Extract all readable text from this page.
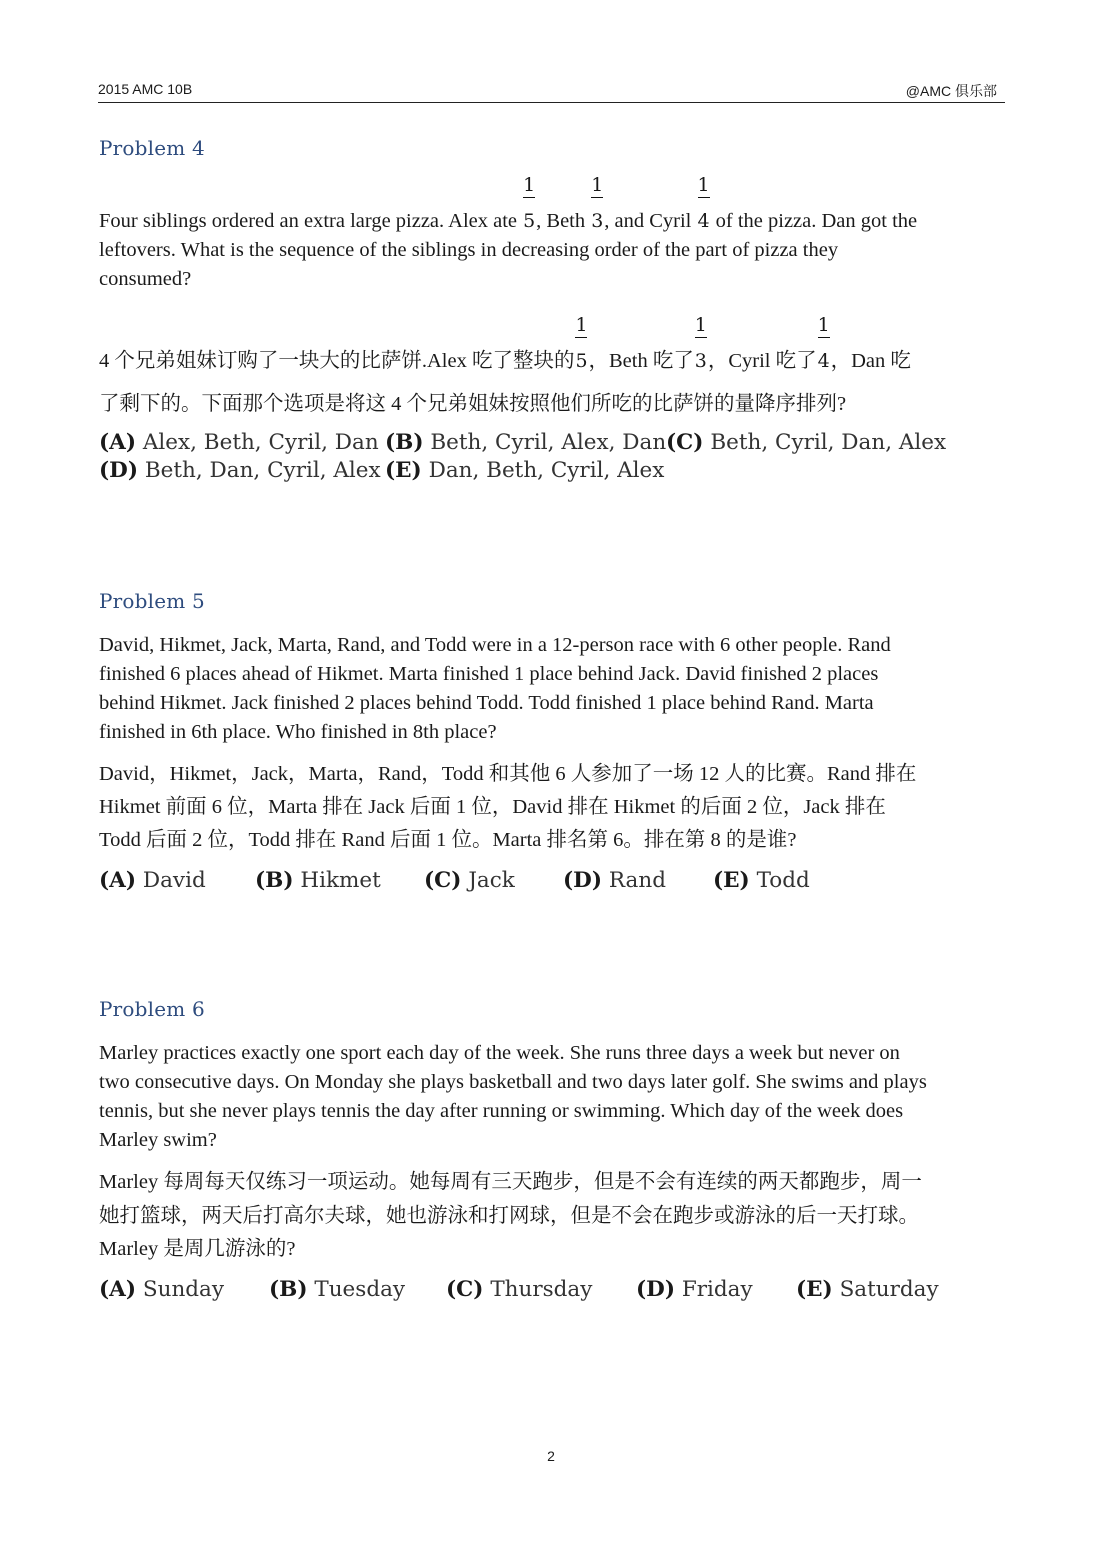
2015 AMC 10B	@AMC 俱乐部
Problem 4
Four siblings ordered an extra large pizza. Alex ate $\frac{1}{5}$, Beth $\frac{1}{3}$, and Cyril $\frac{1}{4}$ of the pizza. Dan got the
leftovers. What is the sequence of the siblings in decreasing order of the part of pizza they
consumed?
4 个兄弟姐妹订购了一块大的比萨饼.Alex 吃了整块的 $\frac{1}{5}$，Beth 吃了 $\frac{1}{3}$，Cyril 吃了 $\frac{1}{4}$，Dan 吃
了剩下的。下面那个选项是将这 4 个兄弟姐妹按照他们所吃的比萨饼的量降序排列?
(A) Alex, Beth, Cyril, Dan (B) Beth, Cyril, Alex, Dan (C) Beth, Cyril, Dan, Alex
(D) Beth, Dan, Cyril, Alex (E) Dan, Beth, Cyril, Alex
Problem 5
David, Hikmet, Jack, Marta, Rand, and Todd were in a 12-person race with 6 other people. Rand
finished 6 places ahead of Hikmet. Marta finished 1 place behind Jack. David finished 2 places
behind Hikmet. Jack finished 2 places behind Todd. Todd finished 1 place behind Rand. Marta
finished in 6th place. Who finished in 8th place?
David，Hikmet，Jack，Marta，Rand，Todd 和其他 6 人参加了一场 12 人的比赛。Rand 排在
Hikmet 前面 6 位，Marta 排在 Jack 后面 1 位，David 排在 Hikmet 的后面 2 位，Jack 排在
Todd 后面 2 位，Todd 排在 Rand 后面 1 位。Marta 排名第 6。排在第 8 的是谁?
(A) David (B) Hikmet (C) Jack (D) Rand (E) Todd
Problem 6
Marley practices exactly one sport each day of the week. She runs three days a week but never on
two consecutive days. On Monday she plays basketball and two days later golf. She swims and plays
tennis, but she never plays tennis the day after running or swimming. Which day of the week does
Marley swim?
Marley 每周每天仅练习一项运动。她每周有三天跑步，但是不会有连续的两天都跑步，周一
她打篮球，两天后打高尔夫球，她也游泳和打网球，但是不会在跑步或游泳的后一天打球。
Marley 是周几游泳的?
(A) Sunday (B) Tuesday (C) Thursday (D) Friday (E) Saturday
2
